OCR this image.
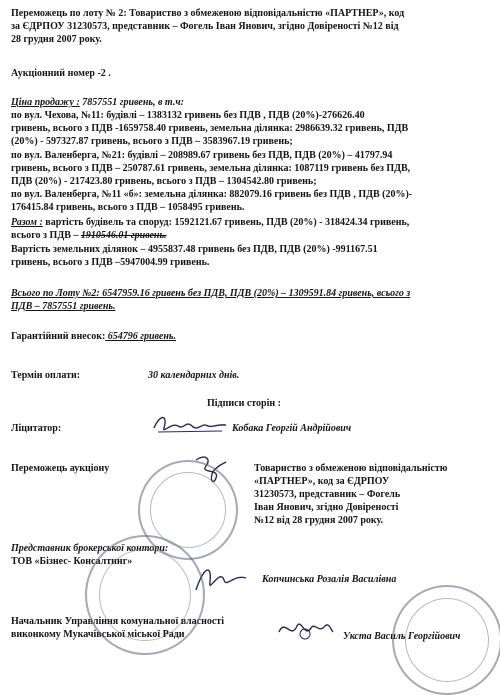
Переможець по лоту № 2: Товариство з обмеженою відповідальністю «ПАРТНЕР», код
за ЄДРПОУ 31230573, представник – Фогель Іван Янович, згідно Довіреності №12 від
28 грудня 2007 року.
Аукціонний номер -2 .
Ціна продажу : 7857551 гривень, в т.ч:
по вул. Чехова, №11: будівлі – 1383132 гривень без ПДВ , ПДВ (20%)-276626.40
гривень, всього з ПДВ -1659758.40 гривень, земельна ділянка: 2986639.32 гривень, ПДВ
(20%) - 597327.87 гривень, всього з ПДВ – 3583967.19 гривень;
по вул. Валенберга, №21: будівлі – 208989.67 гривень без ПДВ, ПДВ (20%) – 41797.94
гривень, всього з ПДВ – 250787.61 гривень, земельна ділянка: 1087119 гривень без ПДВ,
ПДВ (20%) - 217423.80 гривень, всього з ПДВ – 1304542.80 гривень;
по вул. Валенберга, №11 «б»: земельна ділянка: 882079.16 гривень без ПДВ , ПДВ (20%)-
176415.84 гривень, всього з ПДВ – 1058495 гривень.
Разом : вартість будівель та споруд: 1592121.67 гривень, ПДВ (20%) - 318424.34 гривень,
всього з ПДВ – 1910546.01 гривень.
Вартість земельних ділянок – 4955837.48 гривень без ПДВ, ПДВ (20%) -991167.51
гривень, всього з ПДВ –5947004.99 гривень.
Всього по Лоту №2: 6547959.16 гривень без ПДВ, ПДВ (20%) – 1309591.84 гривень, всього з
ПДВ – 7857551 гривень.
Гарантійний внесок: 654796 гривень.
Термін оплати:	30 календарних днів.
Підписи сторін :
Ліцитатор:	Кобака Георгій Андрійович
Переможець аукціону	Товариство з обмеженою відповідальністю
«ПАРТНЕР», код за ЄДРПОУ
31230573, представник – Фогель
Іван Янович, згідно Довіреності
№12 від 28 грудня 2007 року.
Представник брокерської контори:
ТОВ «Бізнес- Консалтинг»
Копчинська Розалія Василівна
Начальник Управління комунальної власності
виконкому Мукачівської міської Ради	Укста Василь Георгійович
